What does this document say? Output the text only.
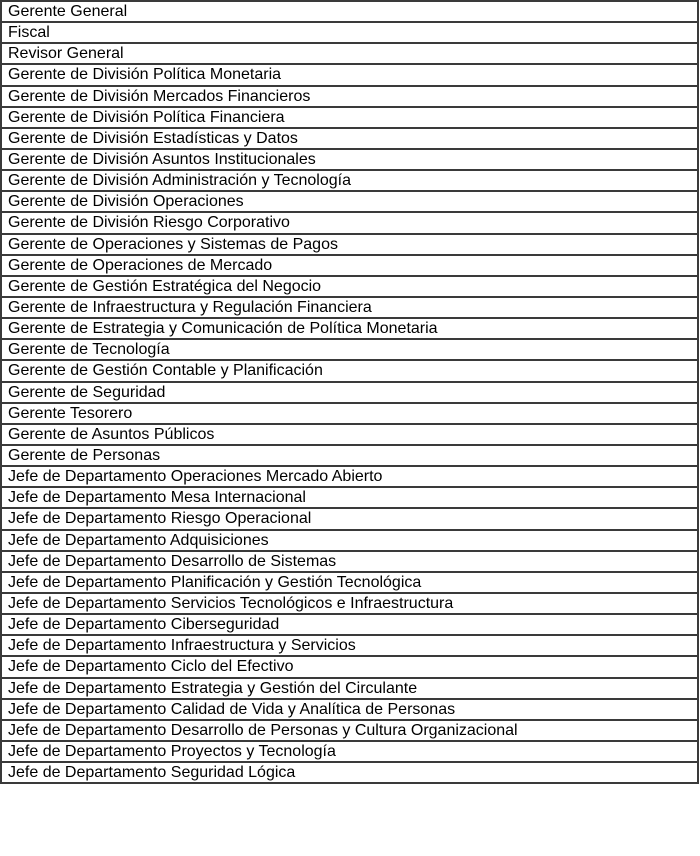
Gerente General
Fiscal
Revisor General
Gerente de División Política Monetaria
Gerente de División Mercados Financieros
Gerente de División Política Financiera
Gerente de División Estadísticas y Datos
Gerente de División Asuntos Institucionales
Gerente de División Administración y Tecnología
Gerente de División Operaciones
Gerente de División Riesgo Corporativo
Gerente de Operaciones y Sistemas de Pagos
Gerente de Operaciones de Mercado
Gerente de Gestión Estratégica del Negocio
Gerente de Infraestructura y Regulación Financiera
Gerente de Estrategia y Comunicación de Política Monetaria
Gerente de Tecnología
Gerente de Gestión Contable y Planificación
Gerente de Seguridad
Gerente Tesorero
Gerente de Asuntos Públicos
Gerente de Personas
Jefe de Departamento Operaciones Mercado Abierto
Jefe de Departamento Mesa Internacional
Jefe de Departamento Riesgo Operacional
Jefe de Departamento Adquisiciones
Jefe de Departamento Desarrollo de Sistemas
Jefe de Departamento Planificación y Gestión Tecnológica
Jefe de Departamento Servicios Tecnológicos e Infraestructura
Jefe de Departamento Ciberseguridad
Jefe de Departamento Infraestructura y Servicios
Jefe de Departamento Ciclo del Efectivo
Jefe de Departamento Estrategia y Gestión del Circulante
Jefe de Departamento Calidad de Vida y Analítica de Personas
Jefe de Departamento Desarrollo de Personas y Cultura Organizacional
Jefe de Departamento Proyectos y Tecnología
Jefe de Departamento Seguridad Lógica
